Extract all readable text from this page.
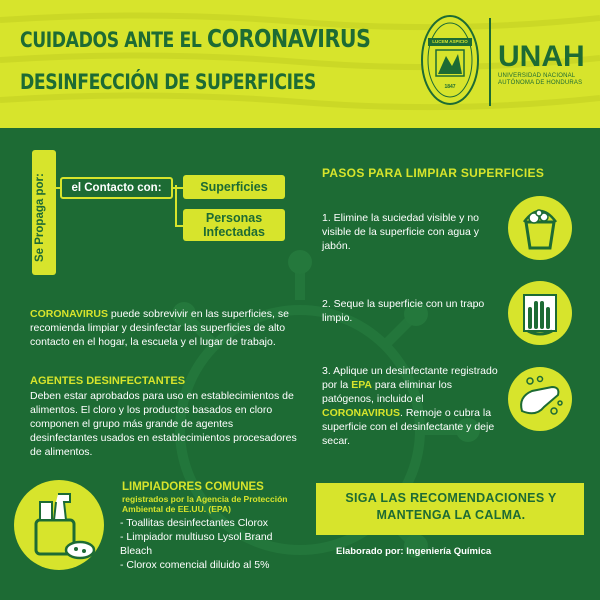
CUIDADOS ANTE EL CORONAVIRUS
DESINFECCIÓN DE SUPERFICIES
LUCEM ASPICIO
1847
UNAH
UNIVERSIDAD NACIONAL
AUTÓNOMA DE HONDURAS
Se Propaga por:	el Contacto con:	Superficies
Personas Infectadas
CORONAVIRUS puede sobrevivir en las superficies, se recomienda limpiar y desinfectar las superficies de alto contacto en el hogar, la escuela y el lugar de trabajo.
AGENTES DESINFECTANTES
Deben estar aprobados para uso en establecimientos de alimentos. El cloro y los productos basados en cloro componen el grupo más grande de agentes desinfectantes usados en establecimientos procesadores de alimentos.
PASOS PARA LIMPIAR SUPERFICIES
1. Elimine la suciedad visible y no visible de la superficie con agua y jabón.
2. Seque la superficie con un trapo limpio.
3. Aplique un desinfectante registrado por la EPA para eliminar los patógenos, incluido el CORONAVIRUS. Remoje o cubra la superficie con el desinfectante y deje secar.
LIMPIADORES COMUNES
registrados por la Agencia de Protección Ambiental de EE.UU. (EPA)
- Toallitas desinfectantes Clorox
- Limpiador multiuso Lysol Brand Bleach
- Clorox comencial diluido al 5%
SIGA LAS RECOMENDACIONES Y MANTENGA LA CALMA.
Elaborado por: Ingeniería Química
